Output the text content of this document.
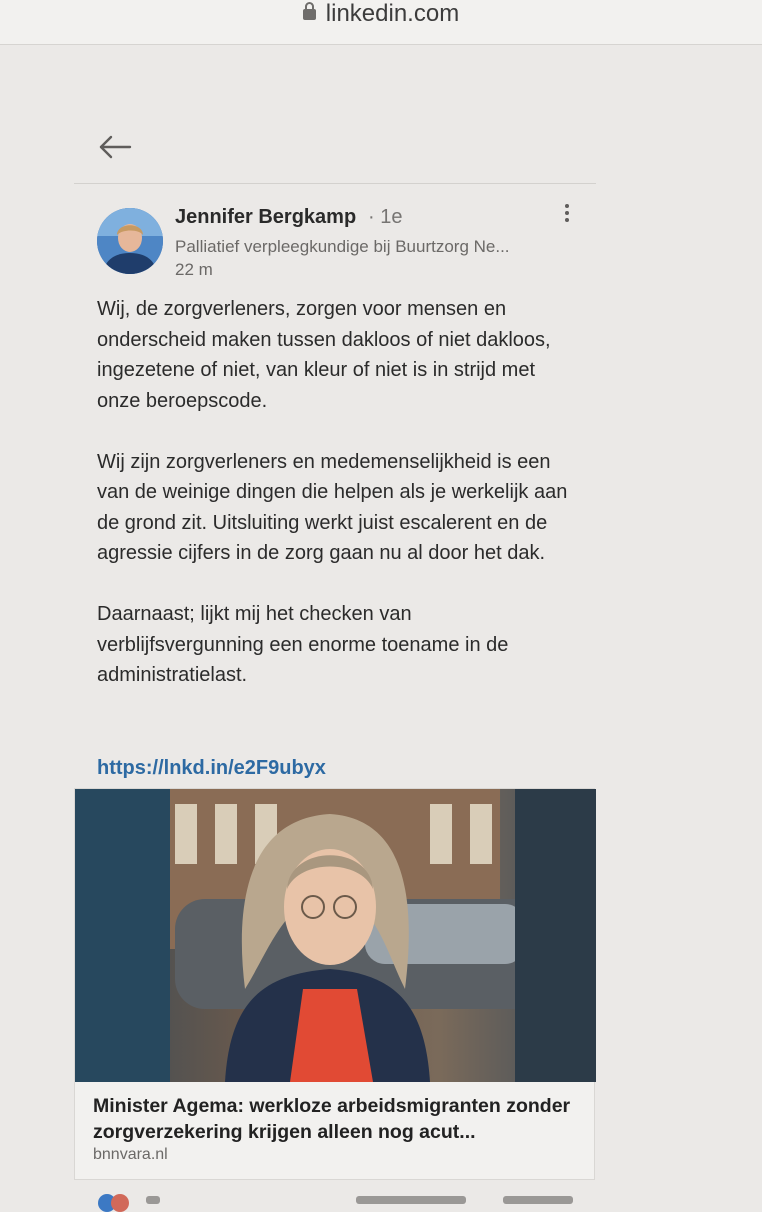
linkedin.com
Jennifer Bergkamp · 1e
Palliatief verpleegkundige bij Buurtzorg Ne...
22 m

Wij, de zorgverleners, zorgen voor mensen en onderscheid maken tussen dakloos of niet dakloos, ingezetene of niet, van kleur of niet is in strijd met onze beroepscode.

Wij zijn zorgverleners en medemenselijkheid is een van de weinige dingen die helpen als je werkelijk aan de grond zit. Uitsluiting werkt juist escalerent en de agressie cijfers in de zorg gaan nu al door het dak.

Daarnaast; lijkt mij het checken van verblijfsvergunning een enorme toename in de administratielast.

https://lnkd.in/e2F9ubyx
Minister Agema: werkloze arbeidsmigranten zonder zorgverzekering krijgen alleen nog acut...
bnnvara.nl
